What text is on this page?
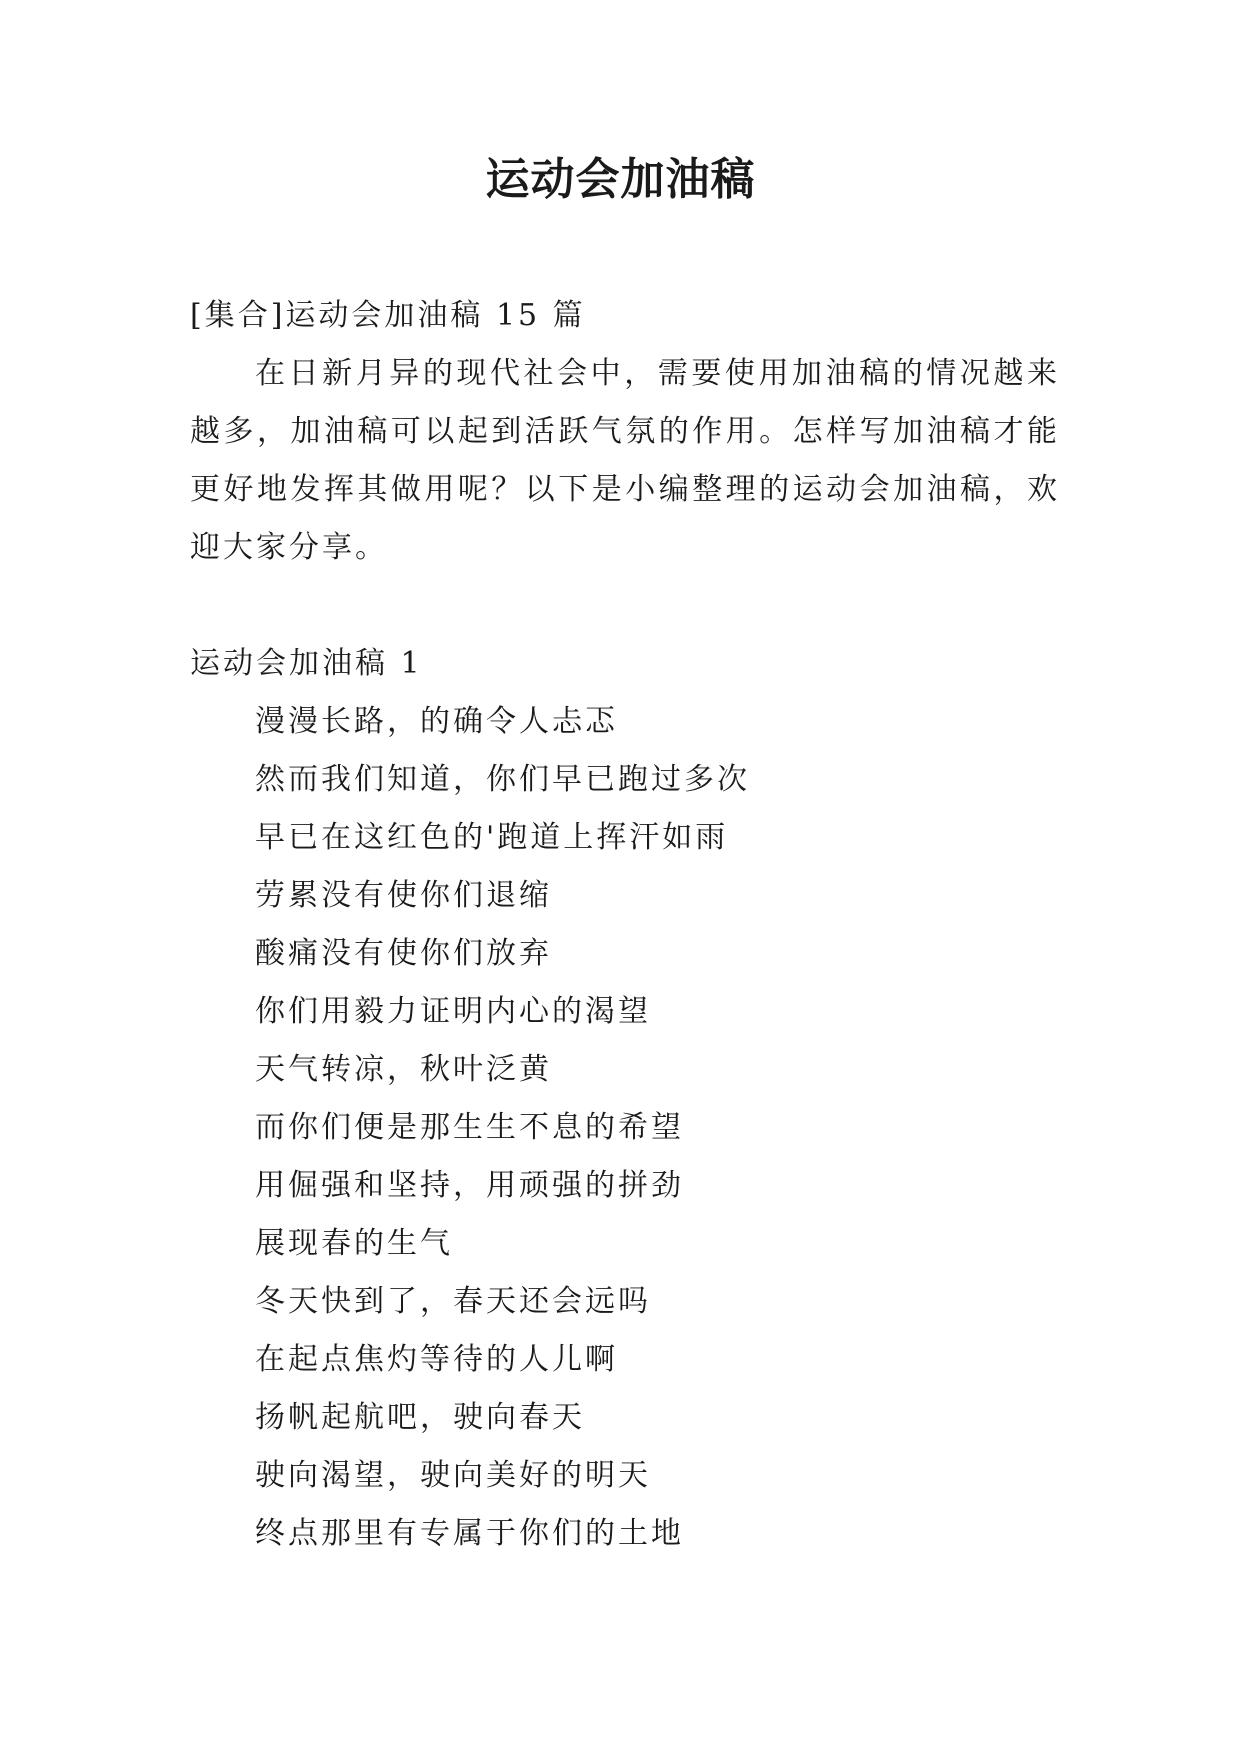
运动会加油稿

[集合]运动会加油稿 15 篇

在日新月异的现代社会中，需要使用加油稿的情况越来越多，加油稿可以起到活跃气氛的作用。怎样写加油稿才能更好地发挥其做用呢？以下是小编整理的运动会加油稿，欢迎大家分享。

运动会加油稿 1

漫漫长路，的确令人忐忑

然而我们知道，你们早已跑过多次

早已在这红色的'跑道上挥汗如雨

劳累没有使你们退缩

酸痛没有使你们放弃

你们用毅力证明内心的渴望

天气转凉，秋叶泛黄

而你们便是那生生不息的希望

用倔强和坚持，用顽强的拼劲

展现春的生气

冬天快到了，春天还会远吗

在起点焦灼等待的人儿啊

扬帆起航吧，驶向春天

驶向渴望，驶向美好的明天

终点那里有专属于你们的土地
